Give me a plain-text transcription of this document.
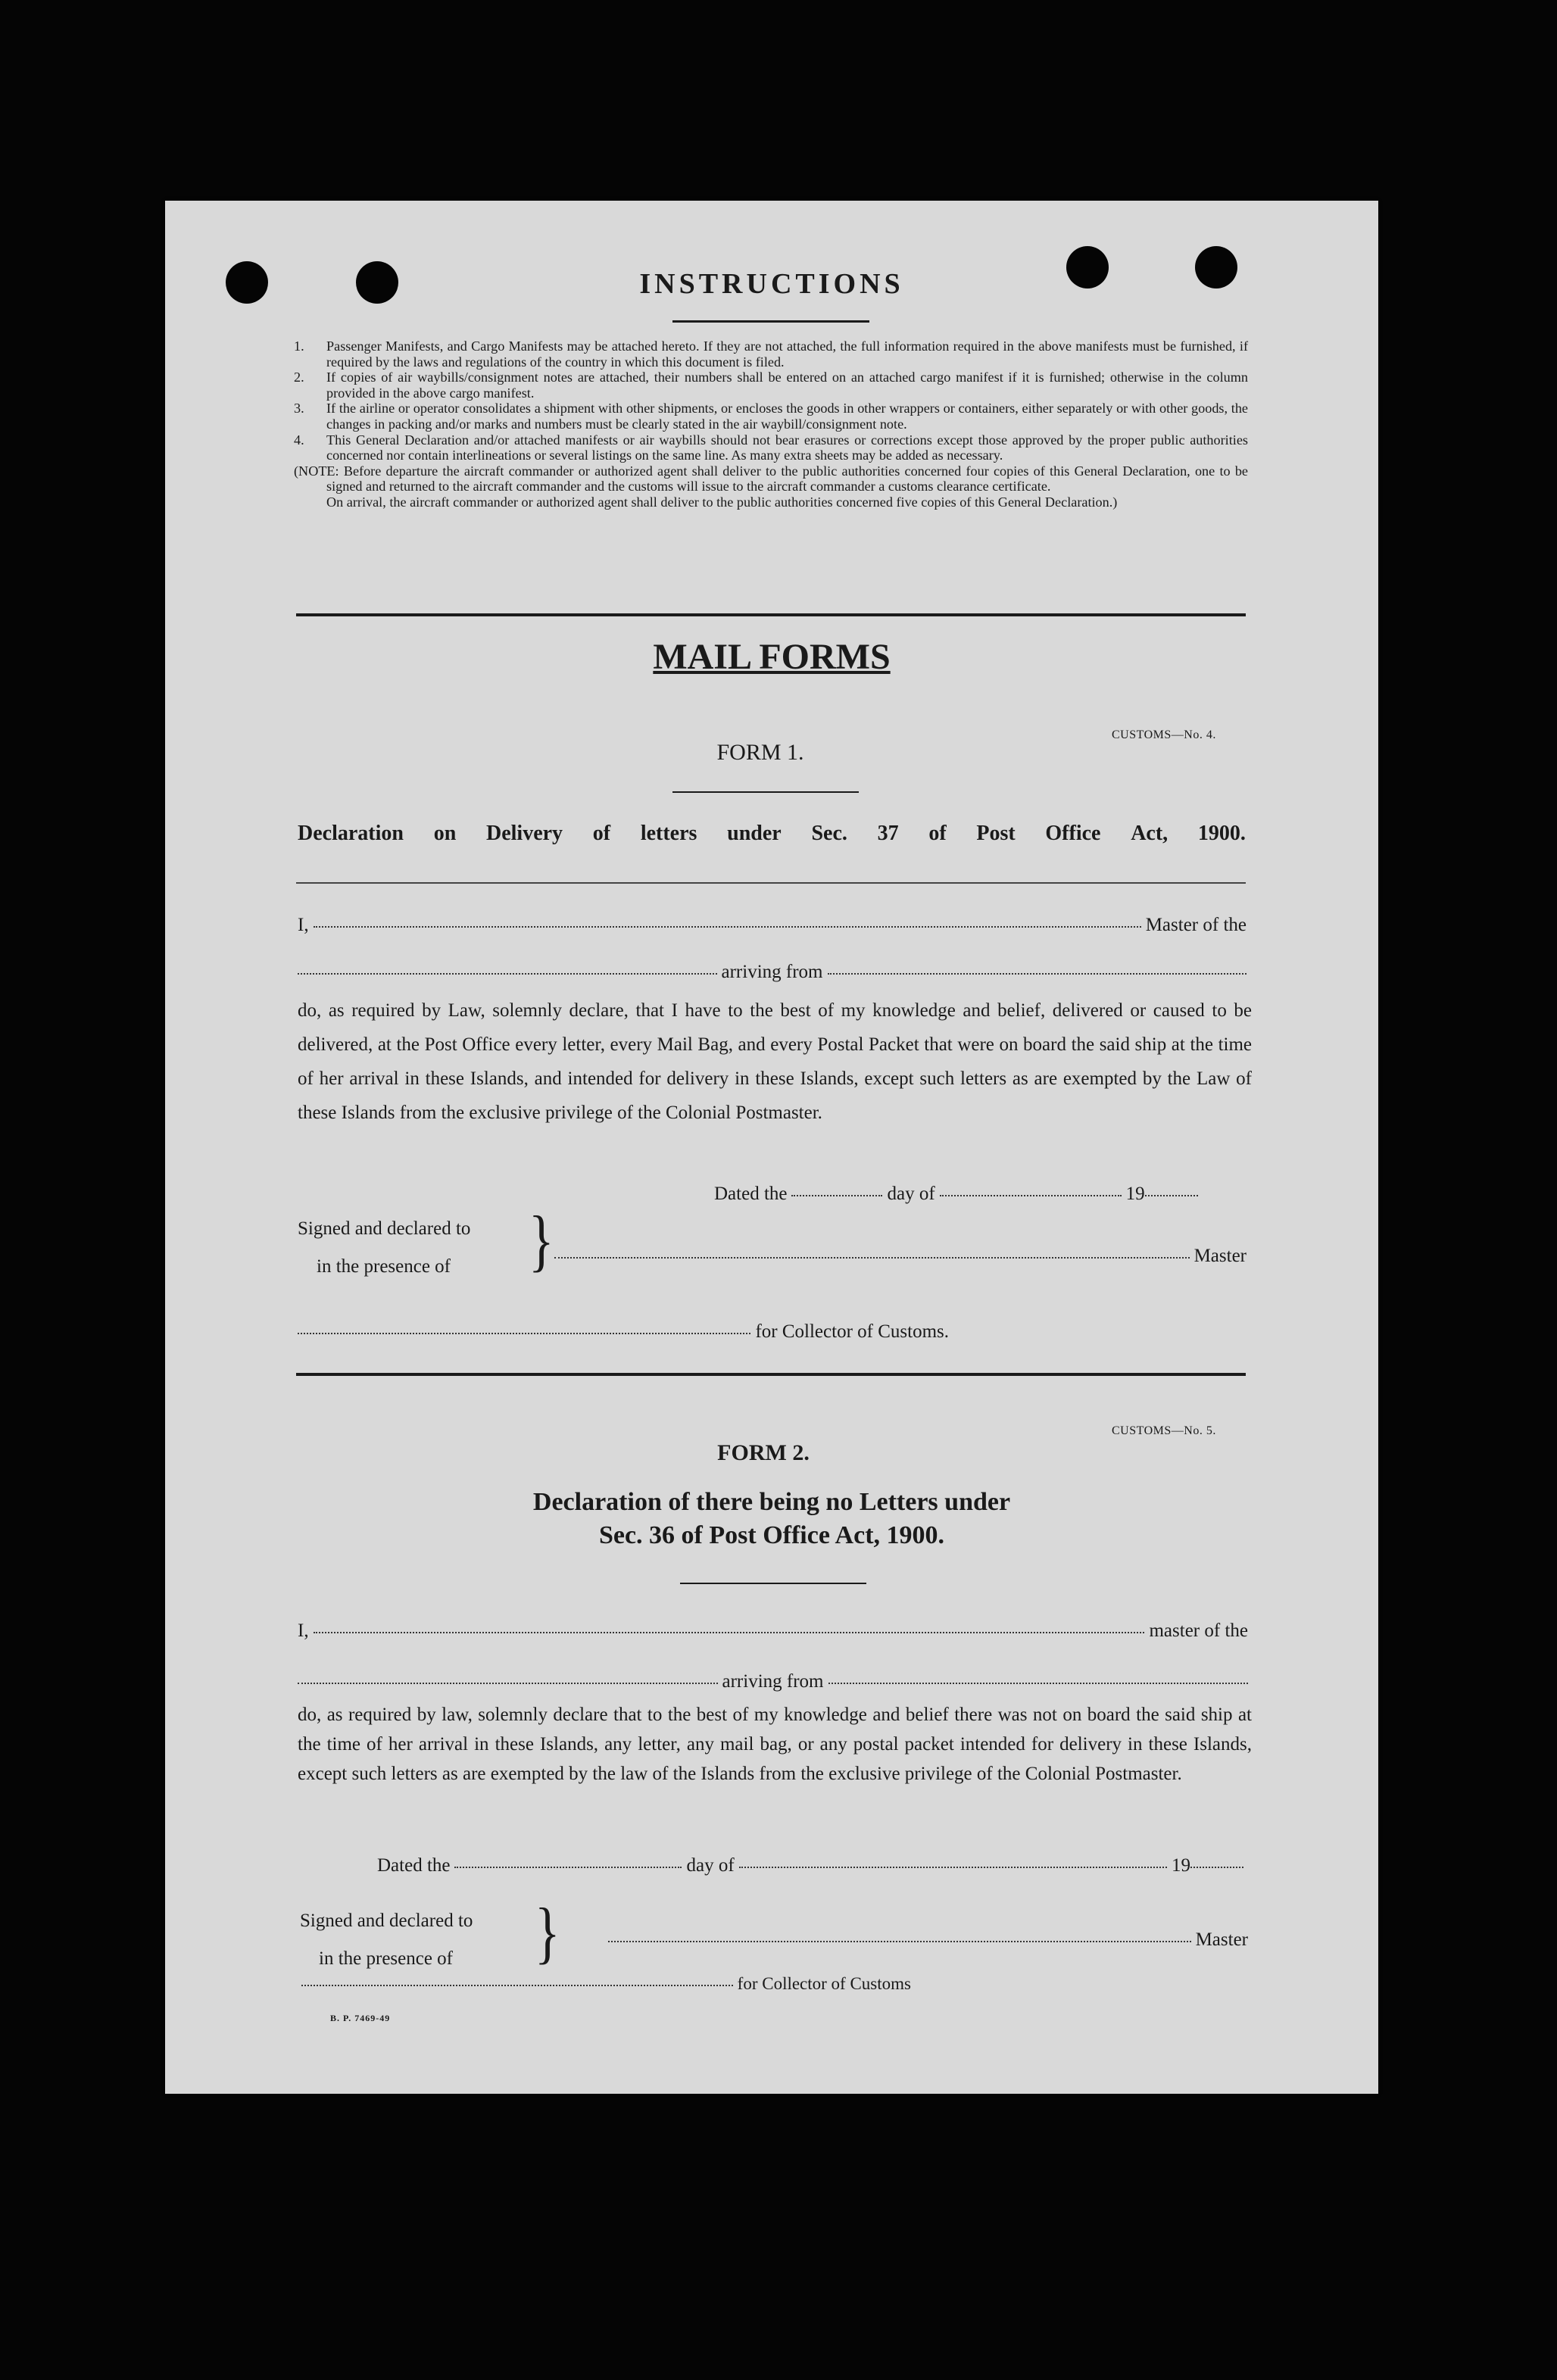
INSTRUCTIONS
1. Passenger Manifests, and Cargo Manifests may be attached hereto. If they are not attached, the full information required in the above manifests must be furnished, if required by the laws and regulations of the country in which this document is filed.
2. If copies of air waybills/consignment notes are attached, their numbers shall be entered on an attached cargo manifest if it is furnished; otherwise in the column provided in the above cargo manifest.
3. If the airline or operator consolidates a shipment with other shipments, or encloses the goods in other wrappers or containers, either separately or with other goods, the changes in packing and/or marks and numbers must be clearly stated in the air waybill/consignment note.
4. This General Declaration and/or attached manifests or air waybills should not bear erasures or corrections except those approved by the proper public authorities concerned nor contain interlineations or several listings on the same line. As many extra sheets may be added as necessary.
(NOTE: Before departure the aircraft commander or authorized agent shall deliver to the public authorities concerned four copies of this General Declaration, one to be signed and returned to the aircraft commander and the customs will issue to the aircraft commander a customs clearance certificate.
On arrival, the aircraft commander or authorized agent shall deliver to the public authorities concerned five copies of this General Declaration.)
MAIL FORMS
CUSTOMS—No. 4.
FORM 1.
Declaration on Delivery of letters under Sec. 37 of Post Office Act, 1900.
I,	Master of the
arriving from
do, as required by Law, solemnly declare, that I have to the best of my knowledge and belief, delivered or caused to be delivered, at the Post Office every letter, every Mail Bag, and every Postal Packet that were on board the said ship at the time of her arrival in these Islands, and intended for delivery in these Islands, except such letters as are exempted by the Law of these Islands from the exclusive privilege of the Colonial Postmaster.
Dated the	day of	19
Signed and declared to
in the presence of	}	Master
for Collector of Customs.
CUSTOMS—No. 5.
FORM 2.
Declaration of there being no Letters under
Sec. 36 of Post Office Act, 1900.
I,	master of the
arriving from
do, as required by law, solemnly declare that to the best of my knowledge and belief there was not on board the said ship at the time of her arrival in these Islands, any letter, any mail bag, or any postal packet intended for delivery in these Islands, except such letters as are exempted by the law of the Islands from the exclusive privilege of the Colonial Postmaster.
Dated the	day of	19
Signed and declared to
in the presence of	}	Master
for Collector of Customs
B. P. 7469-49
